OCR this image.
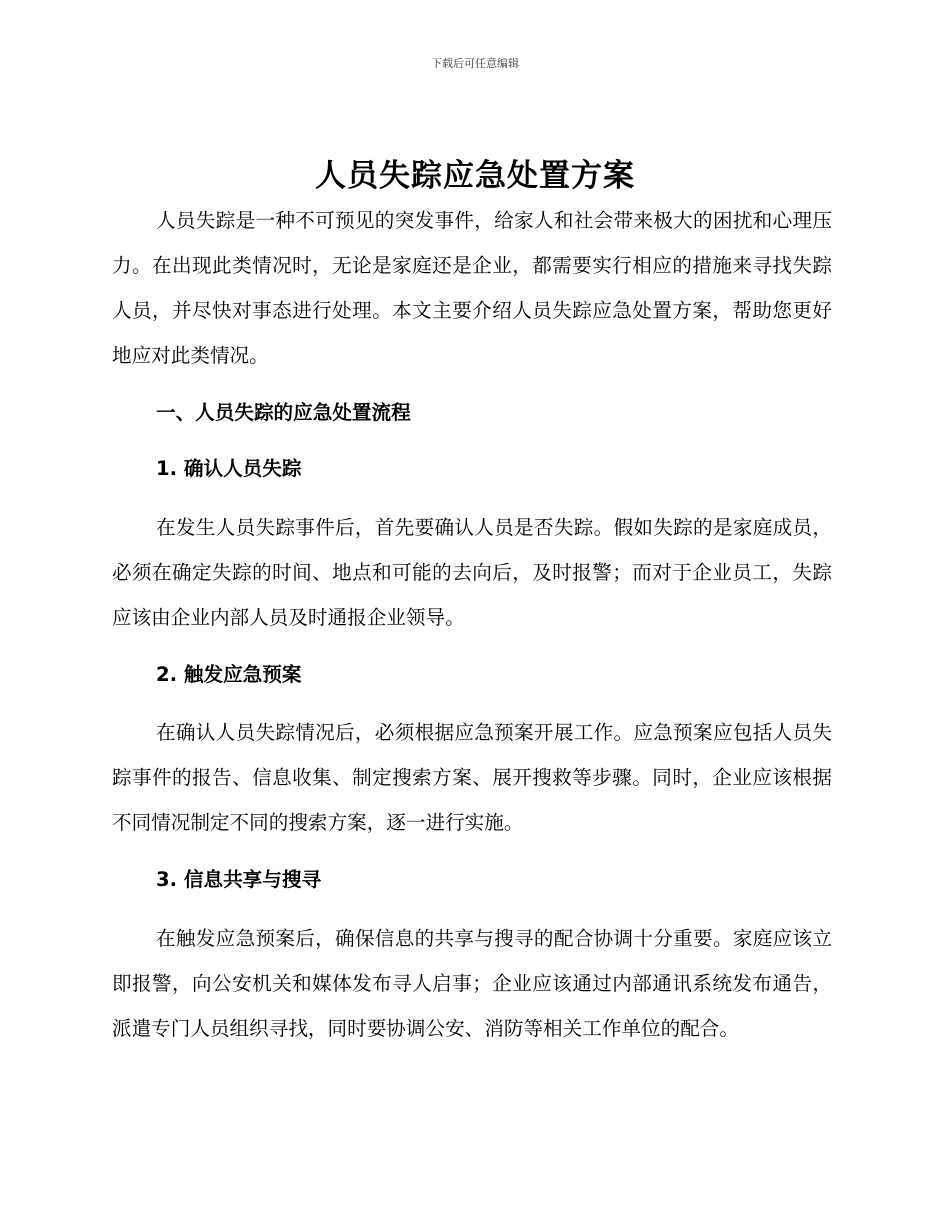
下载后可任意编辑
人员失踪应急处置方案

人员失踪是一种不可预见的突发事件，给家人和社会带来极大的困扰和心理压力。在出现此类情况时，无论是家庭还是企业，都需要实行相应的措施来寻找失踪人员，并尽快对事态进行处理。本文主要介绍人员失踪应急处置方案，帮助您更好地应对此类情况。

一、人员失踪的应急处置流程

1. 确认人员失踪

在发生人员失踪事件后，首先要确认人员是否失踪。假如失踪的是家庭成员，必须在确定失踪的时间、地点和可能的去向后，及时报警；而对于企业员工，失踪应该由企业内部人员及时通报企业领导。

2. 触发应急预案

在确认人员失踪情况后，必须根据应急预案开展工作。应急预案应包括人员失踪事件的报告、信息收集、制定搜索方案、展开搜救等步骤。同时，企业应该根据不同情况制定不同的搜索方案，逐一进行实施。

3. 信息共享与搜寻

在触发应急预案后，确保信息的共享与搜寻的配合协调十分重要。家庭应该立即报警，向公安机关和媒体发布寻人启事；企业应该通过内部通讯系统发布通告，派遣专门人员组织寻找，同时要协调公安、消防等相关工作单位的配合。
